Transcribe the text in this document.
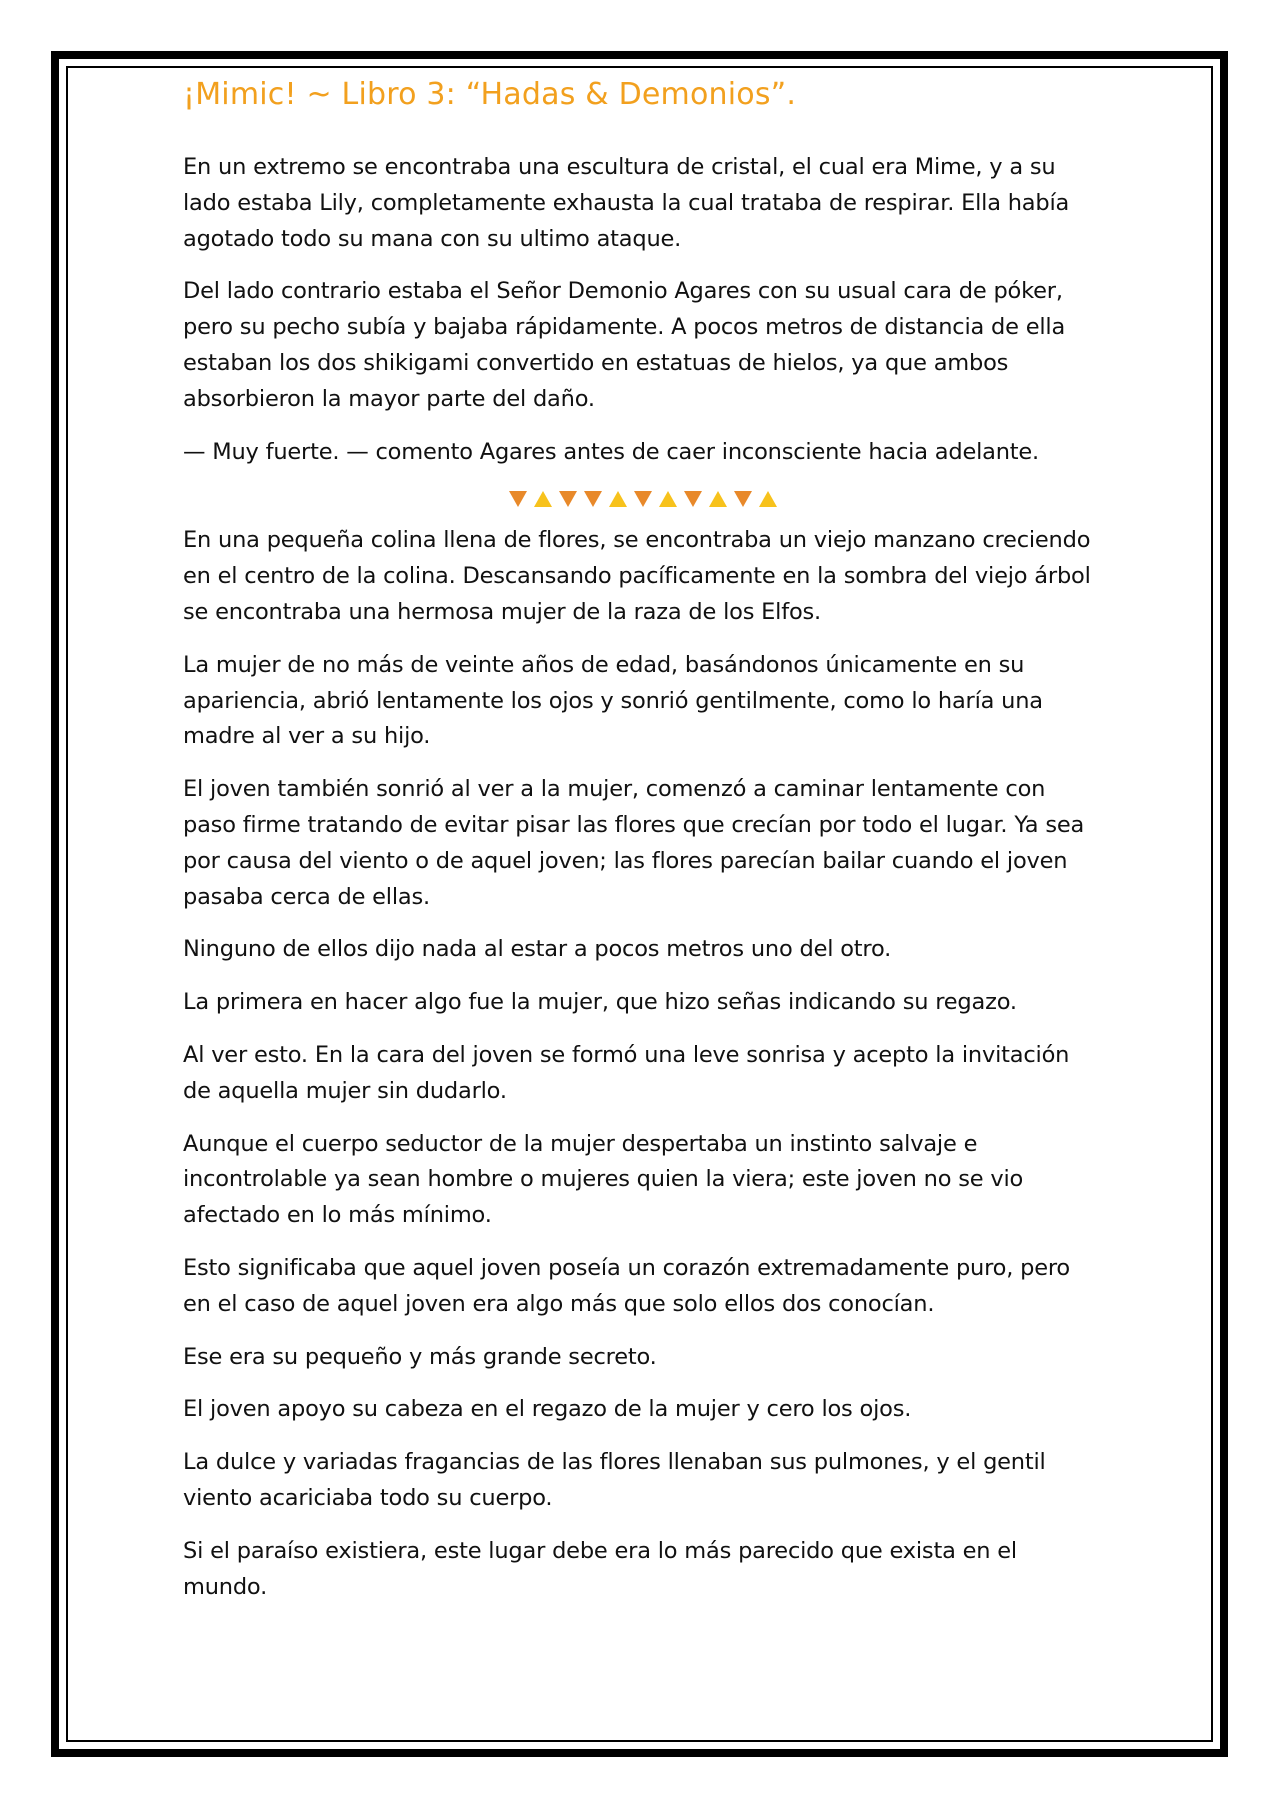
¡Mimic! ~ Libro 3: “Hadas & Demonios”.

En un extremo se encontraba una escultura de cristal, el cual era Mime, y a su lado estaba Lily, completamente exhausta la cual trataba de respirar. Ella había agotado todo su mana con su ultimo ataque.

Del lado contrario estaba el Señor Demonio Agares con su usual cara de póker, pero su pecho subía y bajaba rápidamente. A pocos metros de distancia de ella estaban los dos shikigami convertido en estatuas de hielos, ya que ambos absorbieron la mayor parte del daño.

— Muy fuerte. — comento Agares antes de caer inconsciente hacia adelante.

En una pequeña colina llena de flores, se encontraba un viejo manzano creciendo en el centro de la colina. Descansando pacíficamente en la sombra del viejo árbol se encontraba una hermosa mujer de la raza de los Elfos.

La mujer de no más de veinte años de edad, basándonos únicamente en su apariencia, abrió lentamente los ojos y sonrió gentilmente, como lo haría una madre al ver a su hijo.

El joven también sonrió al ver a la mujer, comenzó a caminar lentamente con paso firme tratando de evitar pisar las flores que crecían por todo el lugar. Ya sea por causa del viento o de aquel joven; las flores parecían bailar cuando el joven pasaba cerca de ellas.

Ninguno de ellos dijo nada al estar a pocos metros uno del otro.

La primera en hacer algo fue la mujer, que hizo señas indicando su regazo.

Al ver esto. En la cara del joven se formó una leve sonrisa y acepto la invitación de aquella mujer sin dudarlo.

Aunque el cuerpo seductor de la mujer despertaba un instinto salvaje e incontrolable ya sean hombre o mujeres quien la viera; este joven no se vio afectado en lo más mínimo.

Esto significaba que aquel joven poseía un corazón extremadamente puro, pero en el caso de aquel joven era algo más que solo ellos dos conocían.

Ese era su pequeño y más grande secreto.

El joven apoyo su cabeza en el regazo de la mujer y cero los ojos.

La dulce y variadas fragancias de las flores llenaban sus pulmones, y el gentil viento acariciaba todo su cuerpo.

Si el paraíso existiera, este lugar debe era lo más parecido que exista en el mundo.
